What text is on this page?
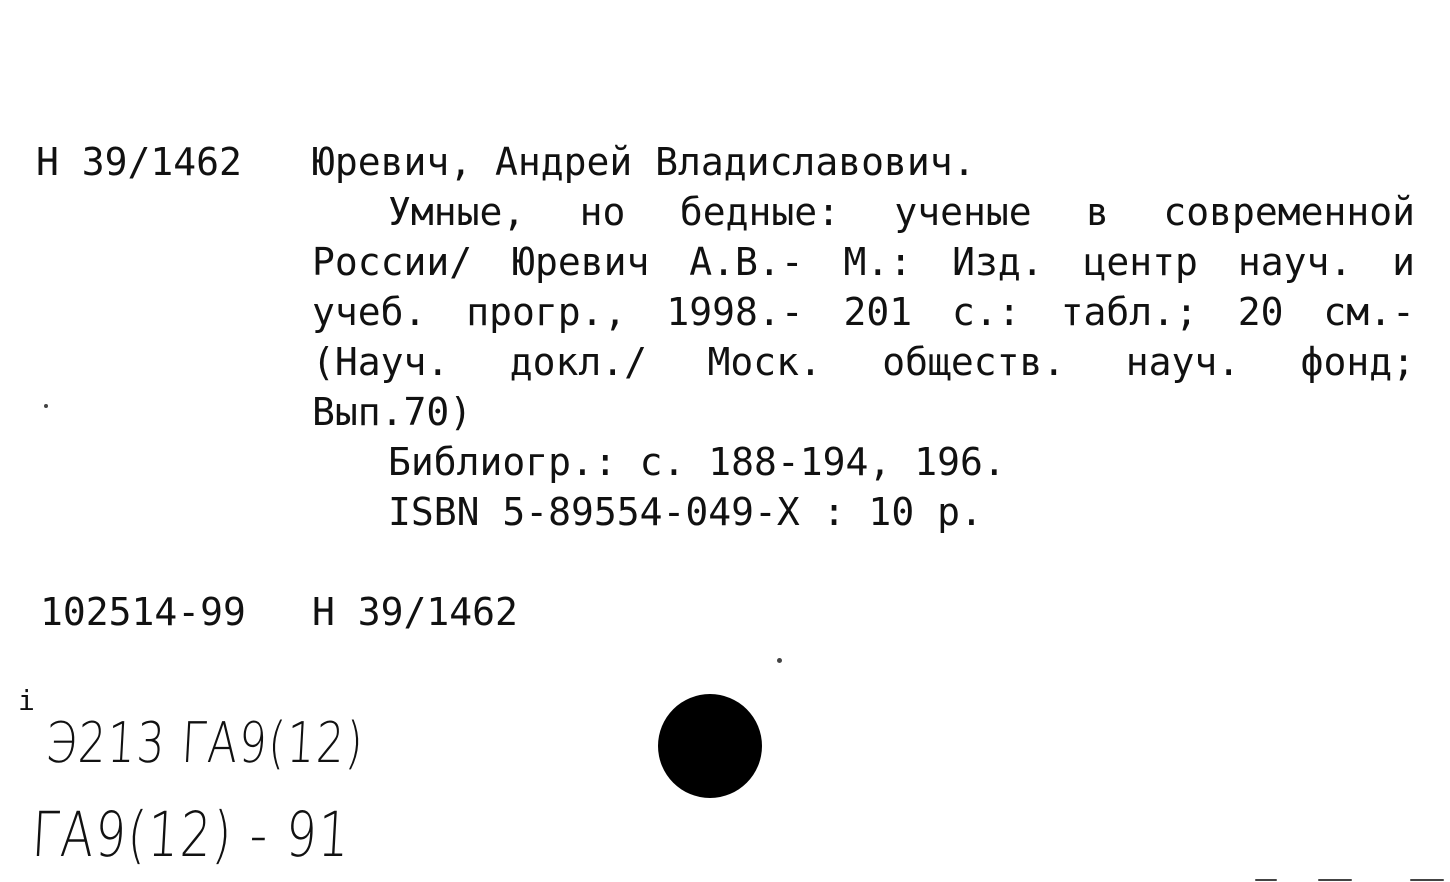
Н 39/1462 Юревич, Андрей Владиславович.
Умные, но бедные: ученые в современной
России/ Юревич А.В.- М.: Изд. центр науч. и
учеб. прогр., 1998.- 201 с.: табл.; 20 см.-
(Науч. докл./ Моск. обществ. науч. фонд;
Вып.70)
Библиогр.: с. 188-194, 196.
ISBN 5-89554-049-X : 10 р.
102514-99 Н 39/1462
i
Э213 ГА9(12)
ГА9(12) - 91
